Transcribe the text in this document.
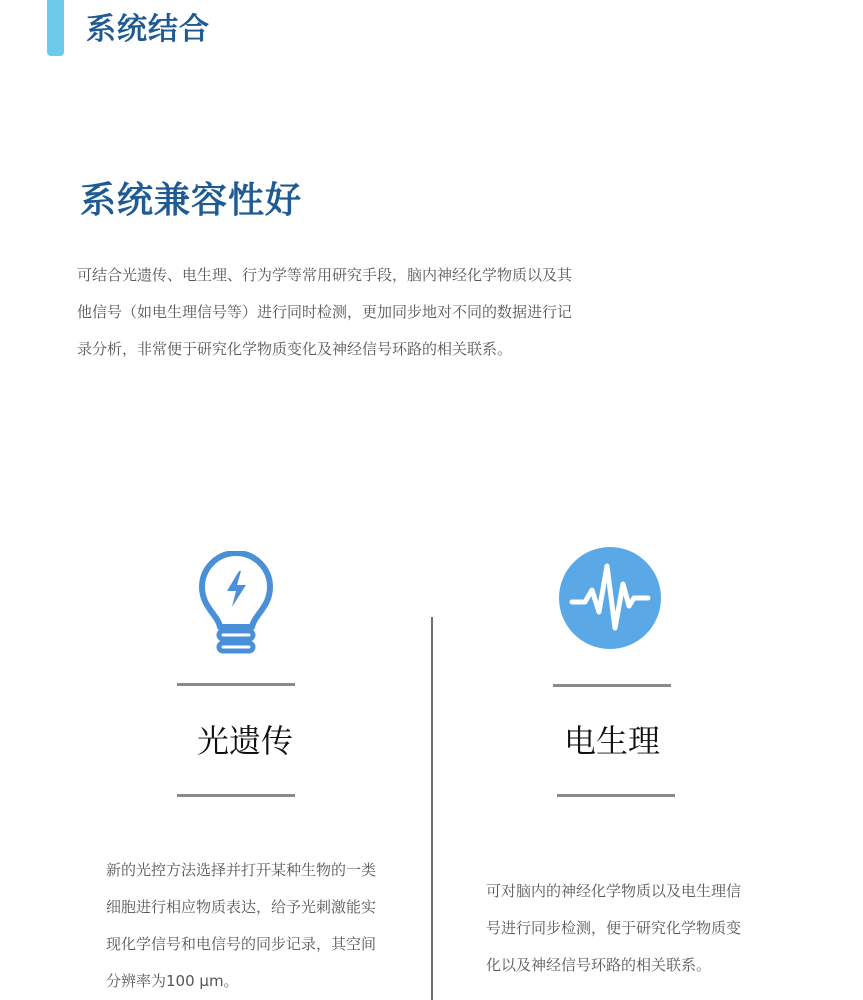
系统结合
系统兼容性好

可结合光遗传、电生理、行为学等常用研究手段，脑内神经化学物质以及其
他信号（如电生理信号等）进行同时检测，更加同步地对不同的数据进行记
录分析，非常便于研究化学物质变化及神经信号环路的相关联系。

光遗传

新的光控方法选择并打开某种生物的一类
细胞进行相应物质表达，给予光刺激能实
现化学信号和电信号的同步记录，其空间
分辨率为100 μm。

电生理

可对脑内的神经化学物质以及电生理信
号进行同步检测，便于研究化学物质变
化以及神经信号环路的相关联系。
